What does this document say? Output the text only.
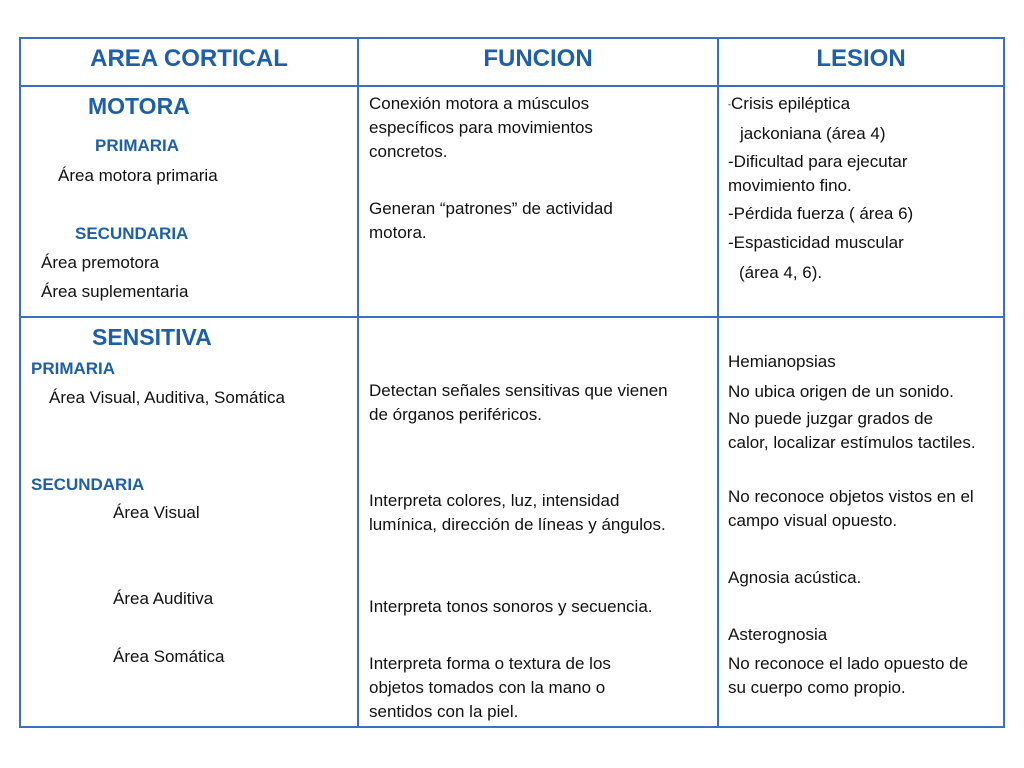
AREA CORTICAL	FUNCION	LESION
MOTORA
PRIMARIA
Área motora primaria
SECUNDARIA
Área premotora
Área suplementaria
Conexión motora a músculos específicos para movimientos concretos.
Generan “patrones” de actividad motora.
-Crisis epiléptica
jackoniana (área 4)
-Dificultad para ejecutar movimiento fino.
-Pérdida fuerza ( área 6)
-Espasticidad muscular
(área 4, 6).
SENSITIVA
PRIMARIA
Área Visual, Auditiva, Somática
SECUNDARIA
Área Visual
Área Auditiva
Área Somática
Detectan señales sensitivas que vienen de órganos periféricos.
Interpreta colores, luz, intensidad lumínica, dirección de líneas y ángulos.
Interpreta tonos sonoros y secuencia.
Interpreta forma o textura de los objetos tomados con la mano o sentidos con la piel.
Hemianopsias
No ubica origen de un sonido.
No puede juzgar grados de calor, localizar estímulos tactiles.
No reconoce objetos vistos en el campo visual opuesto.
Agnosia acústica.
Asterognosia
No reconoce el lado opuesto de su cuerpo como propio.
